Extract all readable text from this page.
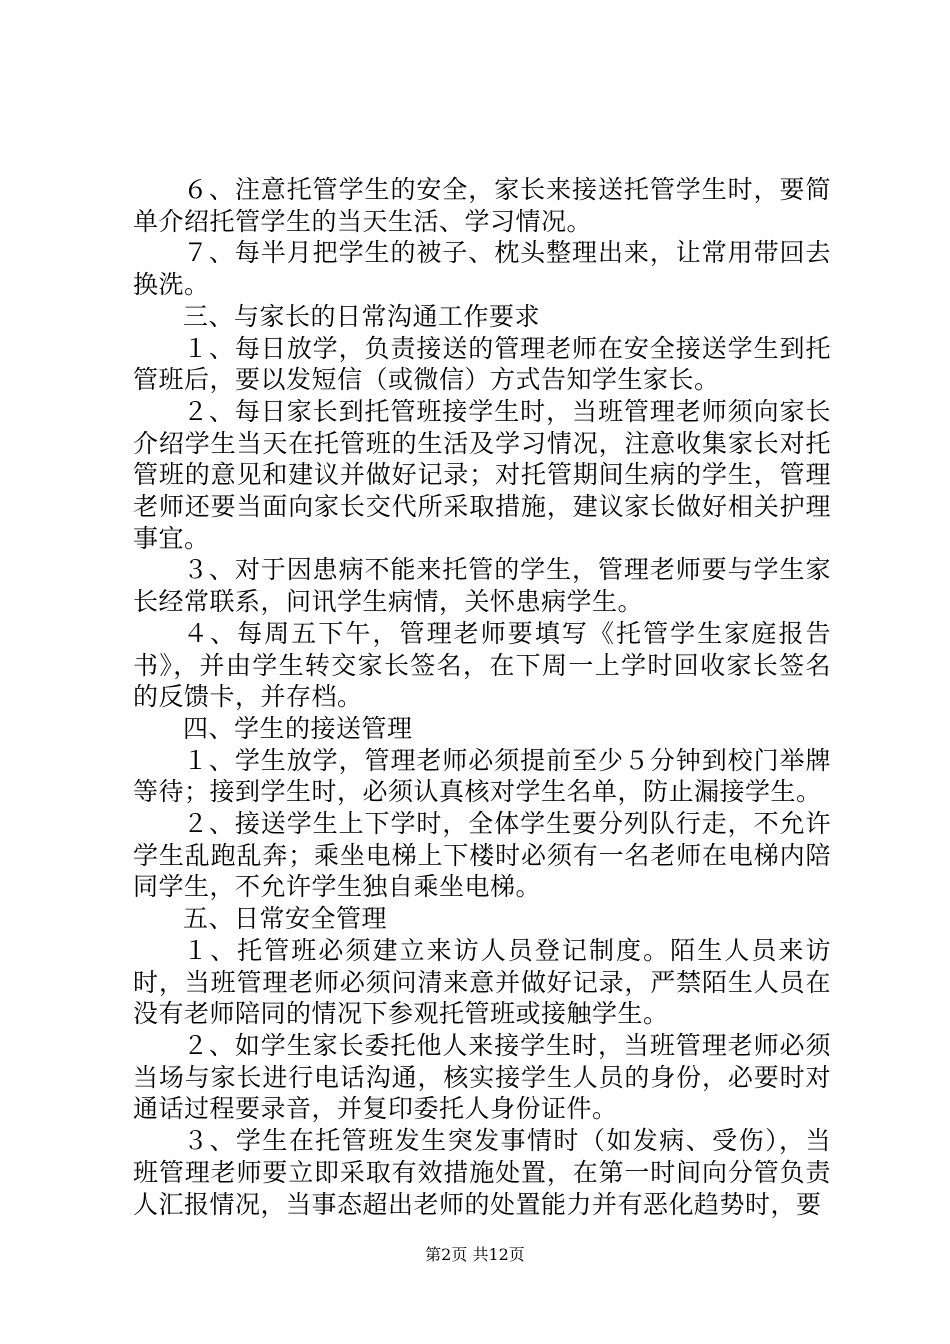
６、注意托管学生的安全，家长来接送托管学生时，要简单介绍托管学生的当天生活、学习情况。

７、每半月把学生的被子、枕头整理出来，让常用带回去换洗。

三、与家长的日常沟通工作要求

１、每日放学，负责接送的管理老师在安全接送学生到托管班后，要以发短信（或微信）方式告知学生家长。

２、每日家长到托管班接学生时，当班管理老师须向家长介绍学生当天在托管班的生活及学习情况，注意收集家长对托管班的意见和建议并做好记录；对托管期间生病的学生，管理老师还要当面向家长交代所采取措施，建议家长做好相关护理事宜。

３、对于因患病不能来托管的学生，管理老师要与学生家长经常联系，问讯学生病情，关怀患病学生。

４、每周五下午，管理老师要填写《托管学生家庭报告书》，并由学生转交家长签名，在下周一上学时回收家长签名的反馈卡，并存档。

四、学生的接送管理

１、学生放学，管理老师必须提前至少５分钟到校门举牌等待；接到学生时，必须认真核对学生名单，防止漏接学生。

２、接送学生上下学时，全体学生要分列队行走，不允许学生乱跑乱奔；乘坐电梯上下楼时必须有一名老师在电梯内陪同学生，不允许学生独自乘坐电梯。

五、日常安全管理

１、托管班必须建立来访人员登记制度。陌生人员来访时，当班管理老师必须问清来意并做好记录，严禁陌生人员在没有老师陪同的情况下参观托管班或接触学生。

２、如学生家长委托他人来接学生时，当班管理老师必须当场与家长进行电话沟通，核实接学生人员的身份，必要时对通话过程要录音，并复印委托人身份证件。

３、学生在托管班发生突发事情时（如发病、受伤），当班管理老师要立即采取有效措施处置，在第一时间向分管负责人汇报情况，当事态超出老师的处置能力并有恶化趋势时，要

第2页 共12页
